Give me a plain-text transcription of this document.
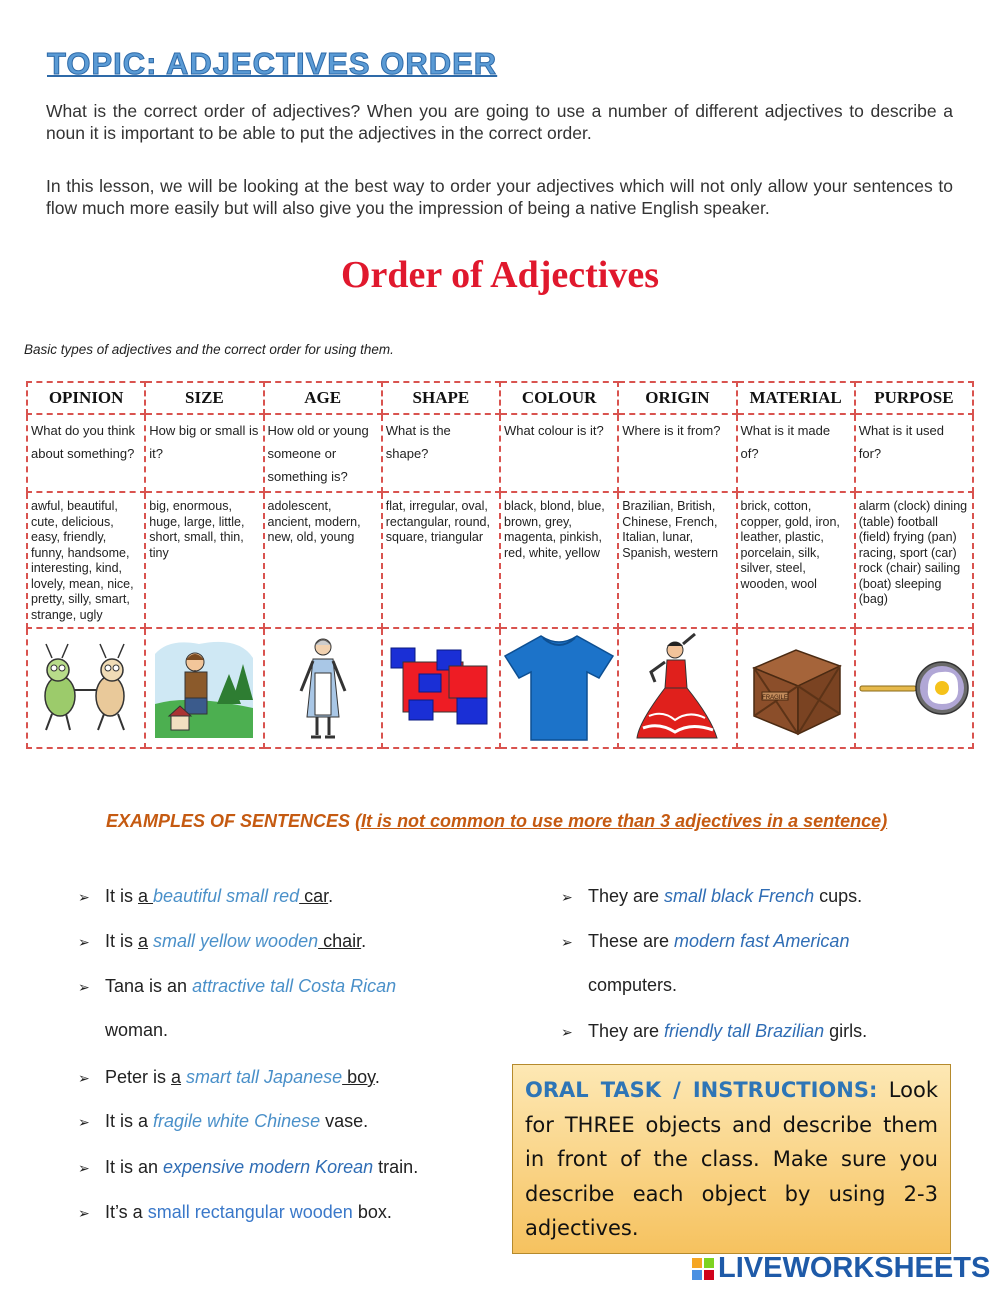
TOPIC: ADJECTIVES ORDER
What is the correct order of adjectives? When you are going to use a number of different adjectives to describe a noun it is important to be able to put the adjectives in the correct order.
In this lesson, we will be looking at the best way to order your adjectives which will not only allow your sentences to flow much more easily but will also give you the impression of being a native English speaker.
Order of Adjectives
Basic types of adjectives and the correct order for using them.
OPINION	SIZE	AGE	SHAPE	COLOUR	ORIGIN	MATERIAL	PURPOSE
What do you think about something?	How big or small is it?	How old or young someone or something is?	What is the shape?	What colour is it?	Where is it from?	What is it made of?	What is it used for?
awful, beautiful, cute, delicious, easy, friendly, funny, handsome, interesting, kind, lovely, mean, nice, pretty, silly, smart, strange, ugly	big, enormous, huge, large, little, short, small, thin, tiny	adolescent, ancient, modern, new, old, young	flat, irregular, oval, rectangular, round, square, triangular	black, blond, blue, brown, grey, magenta, pinkish, red, white, yellow	Brazilian, British, Chinese, French, Italian, lunar, Spanish, western	brick, cotton, copper, gold, iron, leather, plastic, porcelain, silk, silver, steel, wooden, wool	alarm (clock) dining (table) football (field) frying (pan) racing, sport (car) rock (chair) sailing (boat) sleeping (bag)

FRAGILE

EXAMPLES OF SENTENCES (It is not common to use more than 3 adjectives in a sentence)
➢ It is a beautiful small red car.
➢ It is a small yellow wooden chair.
➢ Tana is an attractive tall Costa Rican
woman.
➢ Peter is a smart tall Japanese boy.
➢ It is a fragile white Chinese vase.
➢ It is an expensive modern Korean train.
➢ It’s a small rectangular wooden box.
➢ They are small black French cups.
➢ These are modern fast American
computers.
➢ They are friendly tall Brazilian girls.
ORAL TASK / INSTRUCTIONS: Look for THREE objects and describe them in front of the class. Make sure you describe each object by using 2-3 adjectives.
LIVEWORKSHEETS
